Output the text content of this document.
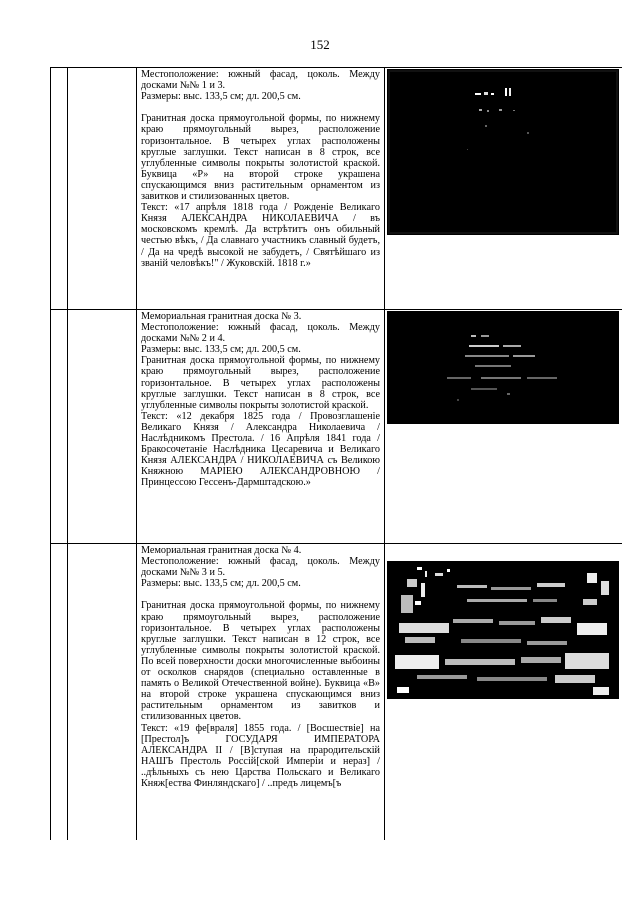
152

		Местоположение: южный фасад, цоколь. Между досками №№ 1 и 3.

Размеры: выс. 133,5 см; дл. 200,5 см.

Гранитная доска прямоугольной формы, по нижнему краю прямоугольный вырез, расположение горизонтальное. В четырех углах расположены круглые заглушки. Текст написан в 8 строк, все углубленные символы покрыты золотистой краской. Буквица «Р» на второй строке украшена спускающимся вниз растительным орнаментом из завитков и стилизованных цветов.

Текст: «17 апрѣля 1818 года / Рожденіе Великаго Князя АЛЕКСАНДРА НИКОЛАЕВИЧА / въ московскомъ кремлѣ. Да встрѣтитъ онъ обильный честью вѣкъ, / Да славнаго участникъ славный будетъ, / Да на чредѣ высокой не забудетъ, / Святѣйшаго из званій человѣкъ!" / Жуковскій. 1818 г.»

		Мемориальная гранитная доска № 3.

Местоположение: южный фасад, цоколь. Между досками №№ 2 и 4.

Размеры: выс. 133,5 см; дл. 200,5 см.

Гранитная доска прямоугольной формы, по нижнему краю прямоугольный вырез, расположение горизонтальное. В четырех углах расположены круглые заглушки. Текст написан в 8 строк, все углубленные символы покрыты золотистой краской.

Текст: «12 декабря 1825 года / Провозглашеніе Великаго Князя / Александра Николаевича / Наслѣдникомъ Престола. / 16 Апрѣля 1841 года / Бракосочетаніе Наслѣдника Цесаревича и Великаго Князя АЛЕКСАНДРА / НИКОЛАЕВИЧА съ Великою Княжною МАРІЕЮ АЛЕКСАНДРОВНОЮ / Принцессою Гессенъ-Дармштадскою.»

		Мемориальная гранитная доска № 4.

Местоположение: южный фасад, цоколь. Между досками №№ 3 и 5.

Размеры: выс. 133,5 см; дл. 200,5 см.

Гранитная доска прямоугольной формы, по нижнему краю прямоугольный вырез, расположение горизонтальное. В четырех углах расположены круглые заглушки. Текст написан в 12 строк, все углубленные символы покрыты золотистой краской. По всей поверхности доски многочисленные выбоины от осколков снарядов (специально оставленные в память о Великой Отечественной войне). Буквица «В» на второй строке украшена спускающимся вниз растительным орнаментом из завитков и стилизованных цветов.

Текст: «19 фе[враля] 1855 года. / [Восшествіе] на [Престол]ъ ГОСУДАРЯ ИМПЕРАТОРА АЛЕКСАНДРА II / [В]ступая на прародительскій НАШЪ Престоль Россій[ской Имперіи и нераз] / ..дѣльныхъ съ нею Царства Польскаго и Великаго Княж[ества Финляндскаго] / ..предъ лицемъ[ъ
